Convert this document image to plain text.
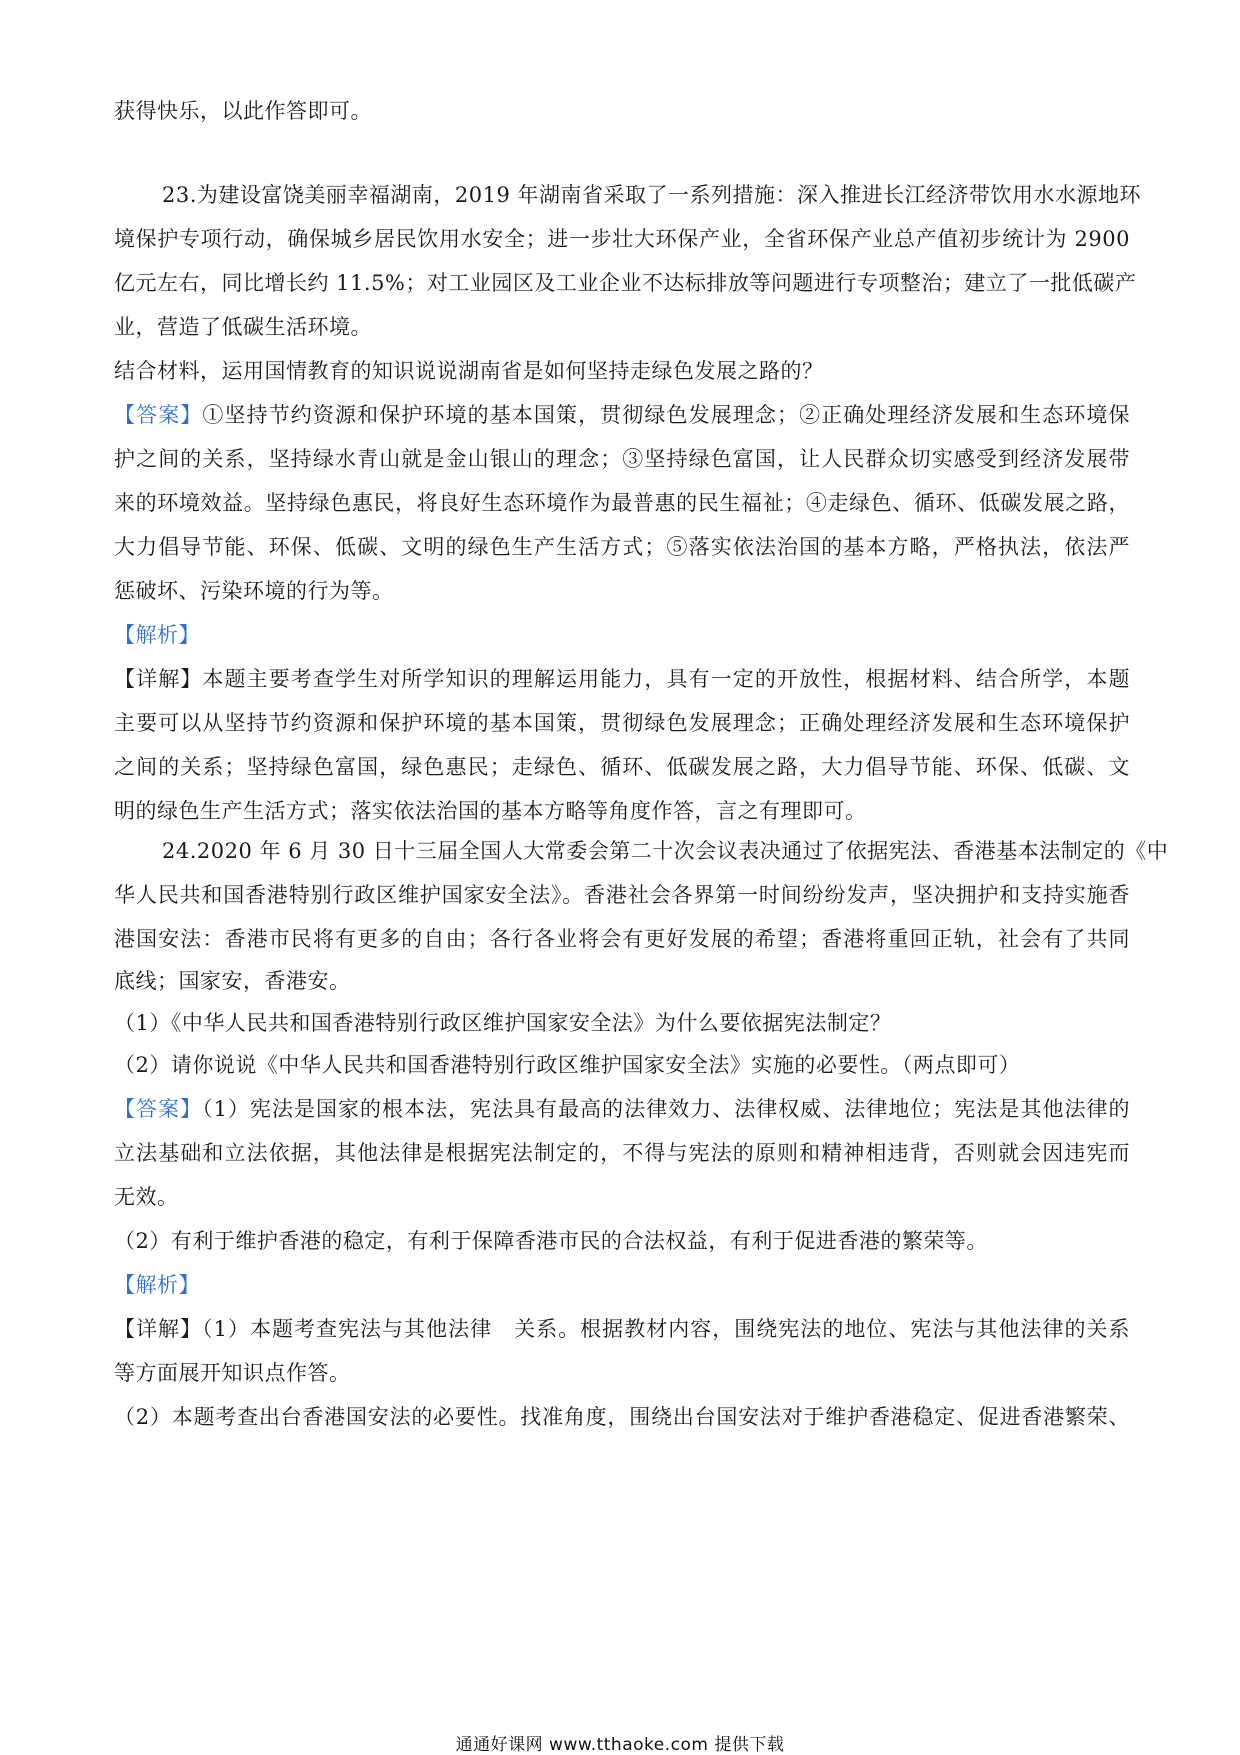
获得快乐，以此作答即可。
23.为建设富饶美丽幸福湖南，2019 年湖南省采取了一系列措施：深入推进长江经济带饮用水水源地环
境保护专项行动，确保城乡居民饮用水安全；进一步壮大环保产业，全省环保产业总产值初步统计为 2900
亿元左右，同比增长约 11.5%；对工业园区及工业企业不达标排放等问题进行专项整治；建立了一批低碳产
业，营造了低碳生活环境。
结合材料，运用国情教育的知识说说湖南省是如何坚持走绿色发展之路的？
【答案】①坚持节约资源和保护环境的基本国策，贯彻绿色发展理念；②正确处理经济发展和生态环境保
护之间的关系，坚持绿水青山就是金山银山的理念；③坚持绿色富国，让人民群众切实感受到经济发展带
来的环境效益。坚持绿色惠民，将良好生态环境作为最普惠的民生福祉；④走绿色、循环、低碳发展之路，
大力倡导节能、环保、低碳、文明的绿色生产生活方式；⑤落实依法治国的基本方略，严格执法，依法严
惩破坏、污染环境的行为等。
【解析】
【详解】本题主要考查学生对所学知识的理解运用能力，具有一定的开放性，根据材料、结合所学，本题
主要可以从坚持节约资源和保护环境的基本国策，贯彻绿色发展理念；正确处理经济发展和生态环境保护
之间的关系；坚持绿色富国，绿色惠民；走绿色、循环、低碳发展之路，大力倡导节能、环保、低碳、文
明的绿色生产生活方式；落实依法治国的基本方略等角度作答，言之有理即可。
24.2020 年 6 月 30 日十三届全国人大常委会第二十次会议表决通过了依据宪法、香港基本法制定的《中
华人民共和国香港特别行政区维护国家安全法》。香港社会各界第一时间纷纷发声，坚决拥护和支持实施香
港国安法：香港市民将有更多的自由；各行各业将会有更好发展的希望；香港将重回正轨，社会有了共同
底线；国家安，香港安。
（1）《中华人民共和国香港特别行政区维护国家安全法》为什么要依据宪法制定？
（2）请你说说《中华人民共和国香港特别行政区维护国家安全法》实施的必要性。（两点即可）
【答案】（1）宪法是国家的根本法，宪法具有最高的法律效力、法律权威、法律地位；宪法是其他法律的
立法基础和立法依据，其他法律是根据宪法制定的，不得与宪法的原则和精神相违背，否则就会因违宪而
无效。
（2）有利于维护香港的稳定，有利于保障香港市民的合法权益，有利于促进香港的繁荣等。
【解析】
【详解】（1）本题考查宪法与其他法律　关系。根据教材内容，围绕宪法的地位、宪法与其他法律的关系
等方面展开知识点作答。
（2）本题考查出台香港国安法的必要性。找准角度，围绕出台国安法对于维护香港稳定、促进香港繁荣、
通通好课网 www.tthaoke.com 提供下载
